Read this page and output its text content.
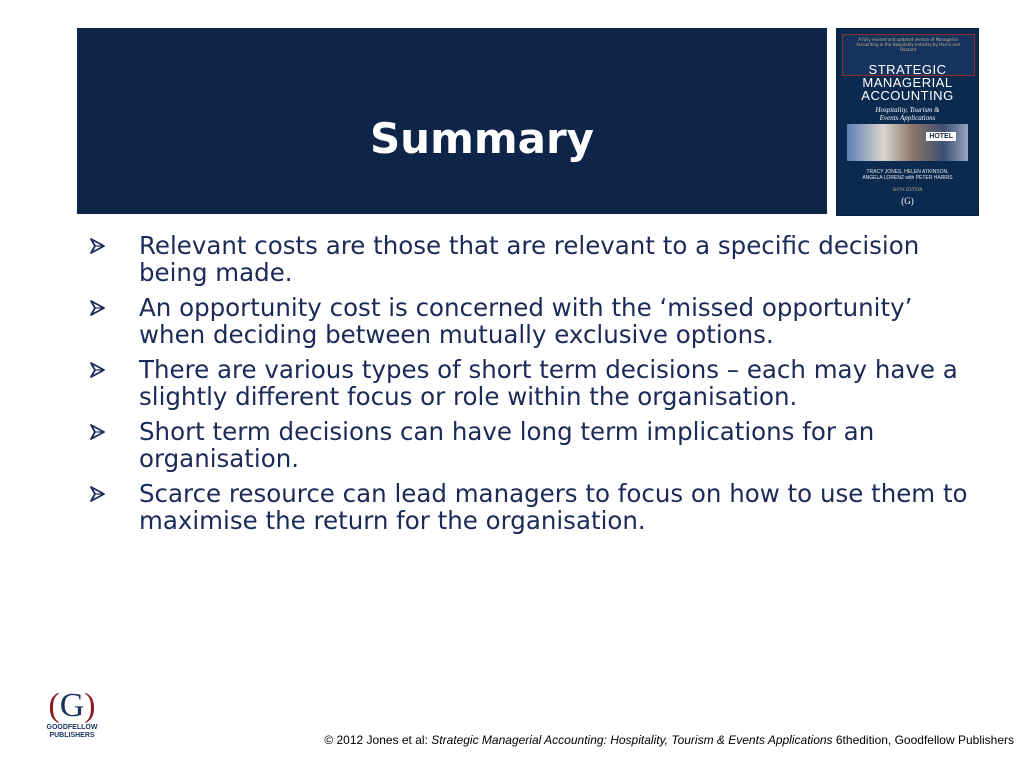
Summary
A fully revised and updated version of Managerial Accounting in the Hospitality Industry by Harris and Hazzard
STRATEGIC
MANAGERIAL
ACCOUNTING
Hospitality, Tourism &
Events Applications
HOTEL
TRACY JONES, HELEN ATKINSON,
ANGELA LORENZ with PETER HARRIS
SIXTH EDITION
(G)
Relevant costs are those that are relevant to a specific decision being made.
An opportunity cost is concerned with the ‘missed opportunity’ when deciding between mutually exclusive options.
There are various types of short term decisions – each may have a slightly different focus or role within the organisation.
Short term decisions can have long term implications for an organisation.
Scarce resource can lead managers to focus on how to use them to maximise the return for the organisation.
(G)
GOODFELLOW
PUBLISHERS	© 2012 Jones et al: Strategic Managerial Accounting: Hospitality, Tourism & Events Applications 6thedition, Goodfellow Publishers
